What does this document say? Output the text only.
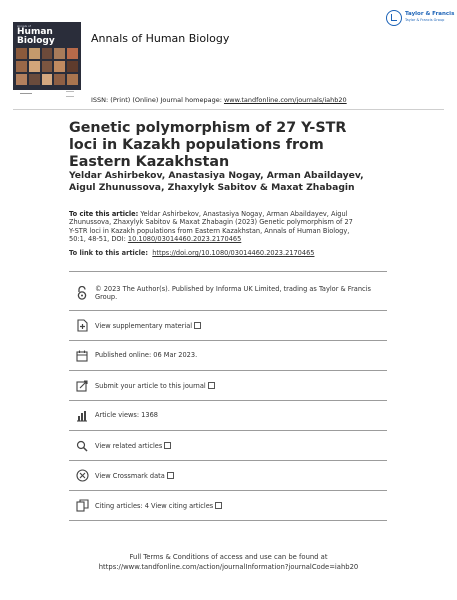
Annals of
Human Biology	Annals of Human Biology
Taylor & Francis
Taylor & Francis Group
ISSN: (Print) (Online) Journal homepage: www.tandfonline.com/journals/iahb20
Genetic polymorphism of 27 Y-STR loci in Kazakh populations from Eastern Kazakhstan

Yeldar Ashirbekov, Anastasiya Nogay, Arman Abaildayev, Aigul Zhunussova, Zhaxylyk Sabitov & Maxat Zhabagin

To cite this article: Yeldar Ashirbekov, Anastasiya Nogay, Arman Abaildayev, Aigul Zhunussova, Zhaxylyk Sabitov & Maxat Zhabagin (2023) Genetic polymorphism of 27 Y-STR loci in Kazakh populations from Eastern Kazakhstan, Annals of Human Biology, 50:1, 48-51, DOI: 10.1080/03014460.2023.2170465
To link to this article: https://doi.org/10.1080/03014460.2023.2170465
© 2023 The Author(s). Published by Informa UK Limited, trading as Taylor & Francis Group.
View supplementary material
Published online: 06 Mar 2023.
Submit your article to this journal
Article views: 1368
View related articles
View Crossmark data
Citing articles: 4 View citing articles
Full Terms & Conditions of access and use can be found at
https://www.tandfonline.com/action/journalInformation?journalCode=iahb20
